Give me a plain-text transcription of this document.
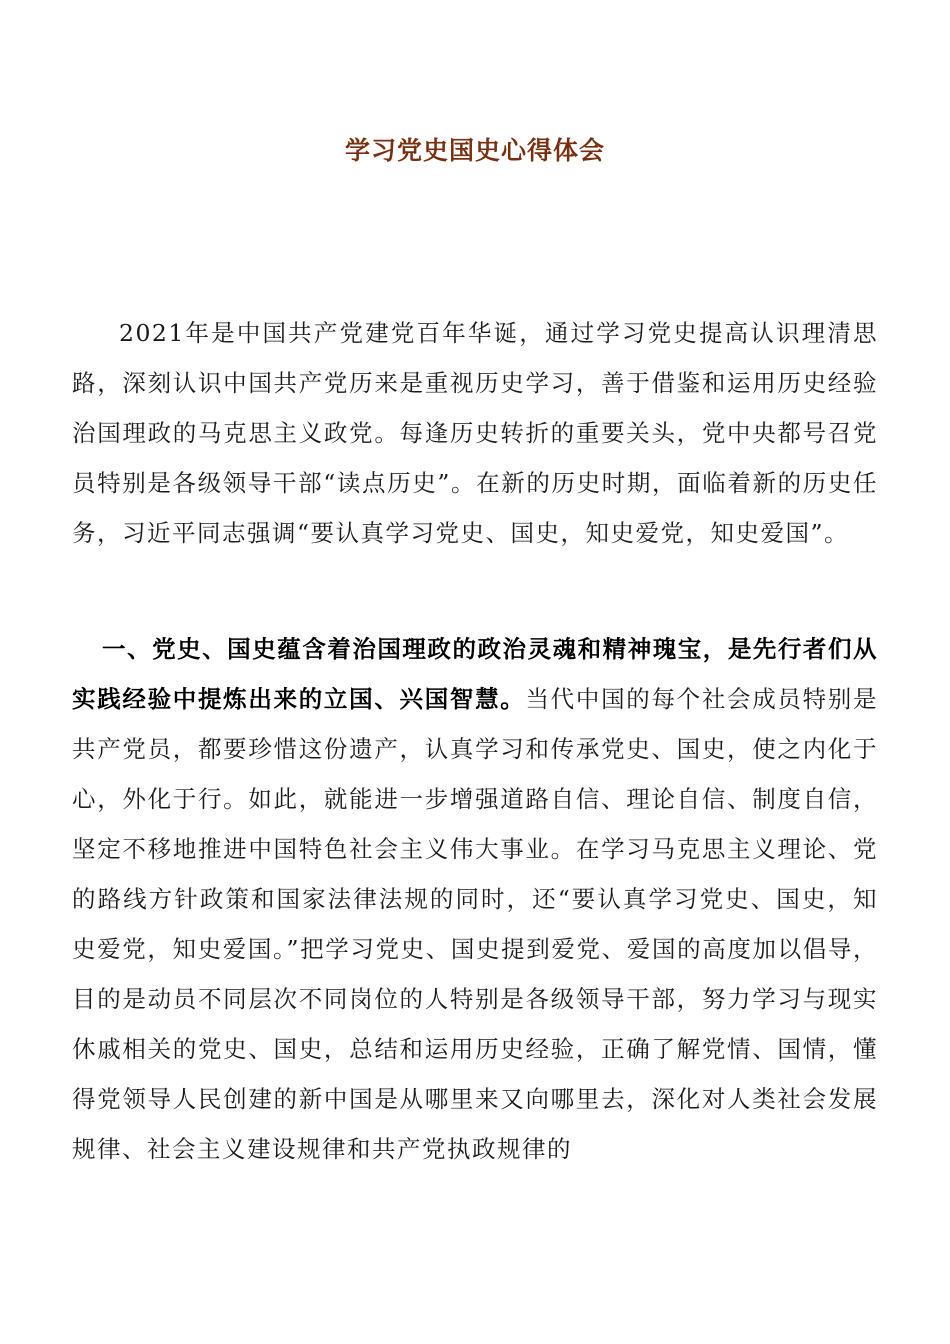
学习党史国史心得体会

2021年是中国共产党建党百年华诞，通过学习党史提高认识理清思路，深刻认识中国共产党历来是重视历史学习，善于借鉴和运用历史经验治国理政的马克思主义政党。每逢历史转折的重要关头，党中央都号召党员特别是各级领导干部“读点历史”。在新的历史时期，面临着新的历史任务，习近平同志强调“要认真学习党史、国史，知史爱党，知史爱国”。

一、党史、国史蕴含着治国理政的政治灵魂和精神瑰宝，是先行者们从实践经验中提炼出来的立国、兴国智慧。当代中国的每个社会成员特别是共产党员，都要珍惜这份遗产，认真学习和传承党史、国史，使之内化于心，外化于行。如此，就能进一步增强道路自信、理论自信、制度自信，坚定不移地推进中国特色社会主义伟大事业。在学习马克思主义理论、党的路线方针政策和国家法律法规的同时，还“要认真学习党史、国史，知史爱党，知史爱国。”把学习党史、国史提到爱党、爱国的高度加以倡导，目的是动员不同层次不同岗位的人特别是各级领导干部，努力学习与现实休戚相关的党史、国史，总结和运用历史经验，正确了解党情、国情，懂得党领导人民创建的新中国是从哪里来又向哪里去，深化对人类社会发展规律、社会主义建设规律和共产党执政规律的
